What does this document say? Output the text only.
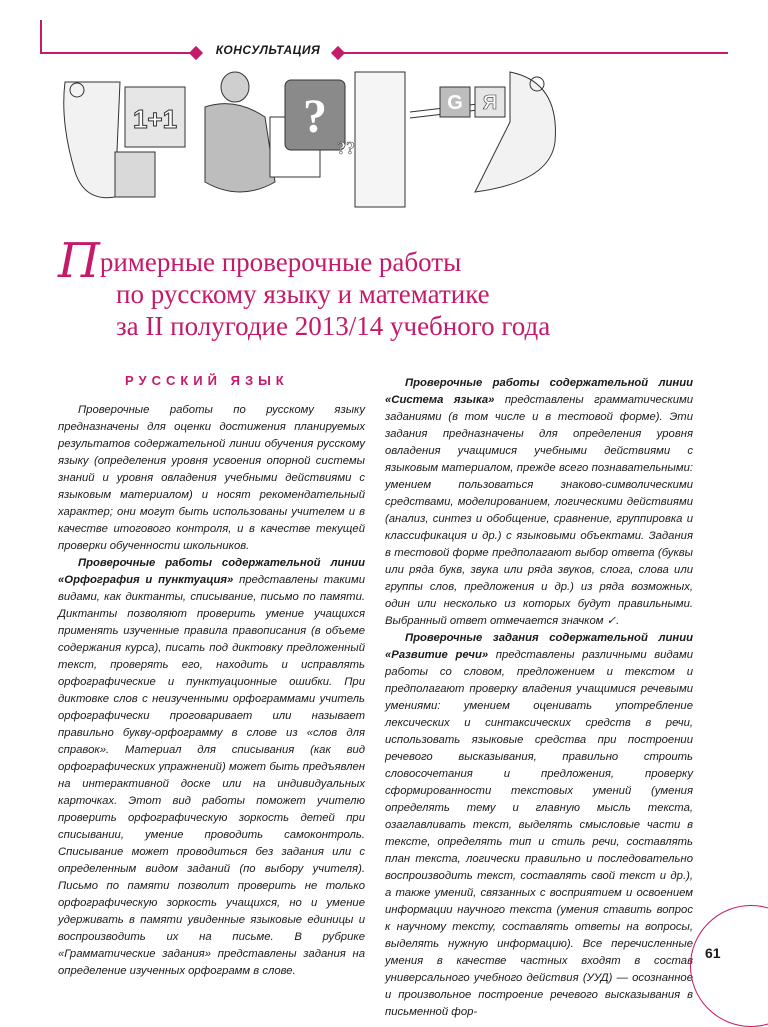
КОНСУЛЬТАЦИЯ
1+1	?
??
G R
Примерные проверочные работы
по русскому языку и математике
за II полугодие 2013/14 учебного года
РУССКИЙ ЯЗЫК

Проверочные работы по русскому языку предназначены для оценки достижения планируемых результатов содержательной линии обучения русскому языку (определения уровня усвоения опорной системы знаний и уровня овладения учебными действиями с языковым материалом) и носят рекомендательный характер; они могут быть использованы учителем и в качестве итогового контроля, и в качестве текущей проверки обученности школьников.

Проверочные работы содержательной линии «Орфография и пунктуация» представлены такими видами, как диктанты, списывание, письмо по памяти. Диктанты позволяют проверить умение учащихся применять изученные правила правописания (в объеме содержания курса), писать под диктовку предложенный текст, проверять его, находить и исправлять орфографические и пунктуационные ошибки. При диктовке слов с неизученными орфограммами учитель орфографически проговаривает или называет правильно букву-орфограмму в слове из «слов для справок». Материал для списывания (как вид орфографических упражнений) может быть предъявлен на интерактивной доске или на индивидуальных карточках. Этот вид работы поможет учителю проверить орфографическую зоркость детей при списывании, умение проводить самоконтроль. Списывание может проводиться без задания или с определенным видом заданий (по выбору учителя). Письмо по памяти позволит проверить не только орфографическую зоркость учащихся, но и умение удерживать в памяти увиденные языковые единицы и воспроизводить их на письме. В рубрике «Грамматические задания» представлены задания на определение изученных орфограмм в слове.

Проверочные работы содержательной линии «Система языка» представлены грамматическими заданиями (в том числе и в тестовой форме). Эти задания предназначены для определения уровня овладения учащимися учебными действиями с языковым материалом, прежде всего познавательными: умением пользоваться знаково-символическими средствами, моделированием, логическими действиями (анализ, синтез и обобщение, сравнение, группировка и классификация и др.) с языковыми объектами. Задания в тестовой форме предполагают выбор ответа (буквы или ряда букв, звука или ряда звуков, слога, слова или группы слов, предложения и др.) из ряда возможных, один или несколько из которых будут правильными. Выбранный ответ отмечается значком ✓.

Проверочные задания содержательной линии «Развитие речи» представлены различными видами работы со словом, предложением и текстом и предполагают проверку владения учащимися речевыми умениями: умением оценивать употребление лексических и синтаксических средств в речи, использовать языковые средства при построении речевого высказывания, правильно строить словосочетания и предложения, проверку сформированности текстовых умений (умения определять тему и главную мысль текста, озаглавливать текст, выделять смысловые части в тексте, определять тип и стиль речи, составлять план текста, логически правильно и последовательно воспроизводить текст, составлять свой текст и др.), а также умений, связанных с восприятием и освоением информации научного текста (умения ставить вопрос к научному тексту, составлять ответы на вопросы, выделять нужную информацию). Все перечисленные умения в качестве частных входят в состав универсального учебного действия (УУД) — осознанное и произвольное построение речевого высказывания в письменной фор-

61
